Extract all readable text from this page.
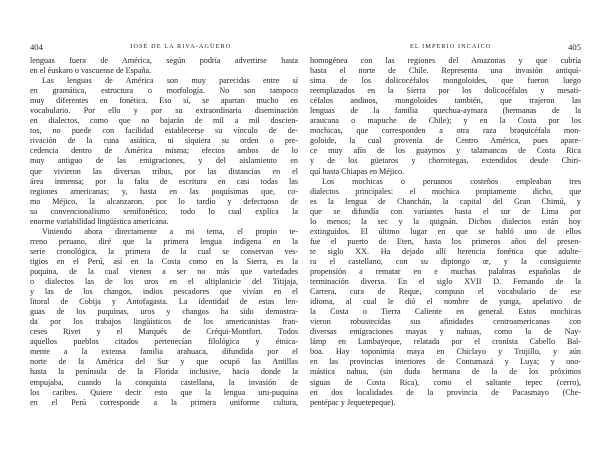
404	JOSÉ DE LA RIVA-AGÜERO
lenguas fuera de América, según podría advertirse hasta
en el éuskaro o vascuense de España.
Las lenguas de América son muy parecidas entre sí
en gramática, estructura o morfología. No son tampoco
muy diferentes en fonética. Eso sí, se apartan mucho en
vocabulario. Por ello y por su extraordinaria diseminación
en dialectos, como que no bajarán de mil a mil doscien-
tos, no puede con facilidad establecerse su vínculo de de-
rivación de la cuna asiática, ni siquiera su orden o pre-
cedencia dentro de América misma; efectos ambos de lo
muy antiguo de las emigraciones, y del aislamiento en
que vivieron las diversas tribus, por las distancias en el
área inmensa; por la falta de escritura en casi todas las
regiones americanas; y, hasta en las poquísimas que, co-
mo Méjico, la alcanzaron, por lo tardío y defectuoso de
su convencionalismo semifonético, todo lo cual explica la
enorme variabilidad lingüística americana.
Viniendo ahora directamente a mi tema, el propio te-
rreno peruano, diré que la primera lengua indígena en la
serie cronológica, la primera de la cual se conservan ves-
tigios en el Perú, así en la Costa como en la Sierra, es la
puquina, de la cual vienen a ser no más que variedades
o dialectos las de los uros en el altiplanicie del Titijaja,
y las de los changos, indios pescadores que vivían en el
litoral de Cobija y Antofagasta. La identidad de estas len-
guas de los puquinas, uros y changos ha sido demostra-
da por los trabajos lingüísticos de los americanistas fran-
ceses Rivet y el Marqués de Créqui-Montfort. Todos
aquellos pueblos citados pertenecían filológica y étnica-
mente a la extensa familia arahuaca, difundida por el
norte de la América del Sur y que ocupó las Antillas
hasta la península de la Florida inclusive, hacia donde la
empujaba, cuando la conquista castellana, la invasión de
los caribes. Quiere decir esto que la lengua uru-puquina
en el Perú corresponde a la primera uniforme cultura,
EL IMPERIO INCAICO	405
homogénea con las regiones del Amazonas y que cubría
hasta el norte de Chile. Representa una invasión antiquí-
sima de los dolicocéfalos mongoloides, que fueron luego
reemplazados en la Sierra por los dolicocéfalos y mesati-
céfalos andinos, mongoloides también, que trajeron las
lenguas de la familia quechua-aymara (hermanas de la
araucana o mapuche de Chile); y en la Costa por los
mochicas, que corresponden a otra raza braquicéfala mon-
goloide, la cual provenía de Centro América, pues apare-
ce muy afín de los guaymos y talamancas de Costa Rica
y de los güetaros y chorrotegas, extendidos desde Chiri-
quí hasta Chiapas en Méjico.
Los mochicas o peruanos costeños empleaban tres
dialectos principales: el mochica propiamente dicho, que
es la lengua de Chanchán, la capital del Gran Chimú, y
que se difundía con variantes hasta el sur de Lima por
lo menos; la sec y la quignán. Dichos dialectos están hoy
extinguidos. El último lugar en que se habló uno de ellos
fue el puerto de Eten, hasta los primeros años del presen-
te siglo XX. Ha dejado allí herencia fonética que adulte-
ra el castellano, con su diptongo œ, y la consiguiente
propensión a rematar en e muchas palabras españolas de
terminación diversa. En el siglo XVII D. Fernando de la
Carrera, cura de Reque, compuso el vocabulario de ese
idioma, al cual le dió el nombre de yunga, apelativo de
la Costa o Tierra Caliente en general. Estos mochicas
vieron robustecidas sus afinidades centroamericanas con
diversas emigraciones mayas y nahuas, como la de Nay-
lámp en Lambayeque, relatada por el cronista Cabello Bal-
boa. Hay toponimia maya en Chiclayo y Trujillo, y aún
en las provincias interiores de Contumazá y Luya; y ono-
mástica nahua, (sin duda hermana de la de los próximos
siguas de Costa Rica), como el saltante tepec (cerro),
en dos localidades de la provincia de Pacasmayo (Che-
pentépac y Jequetepeque).
